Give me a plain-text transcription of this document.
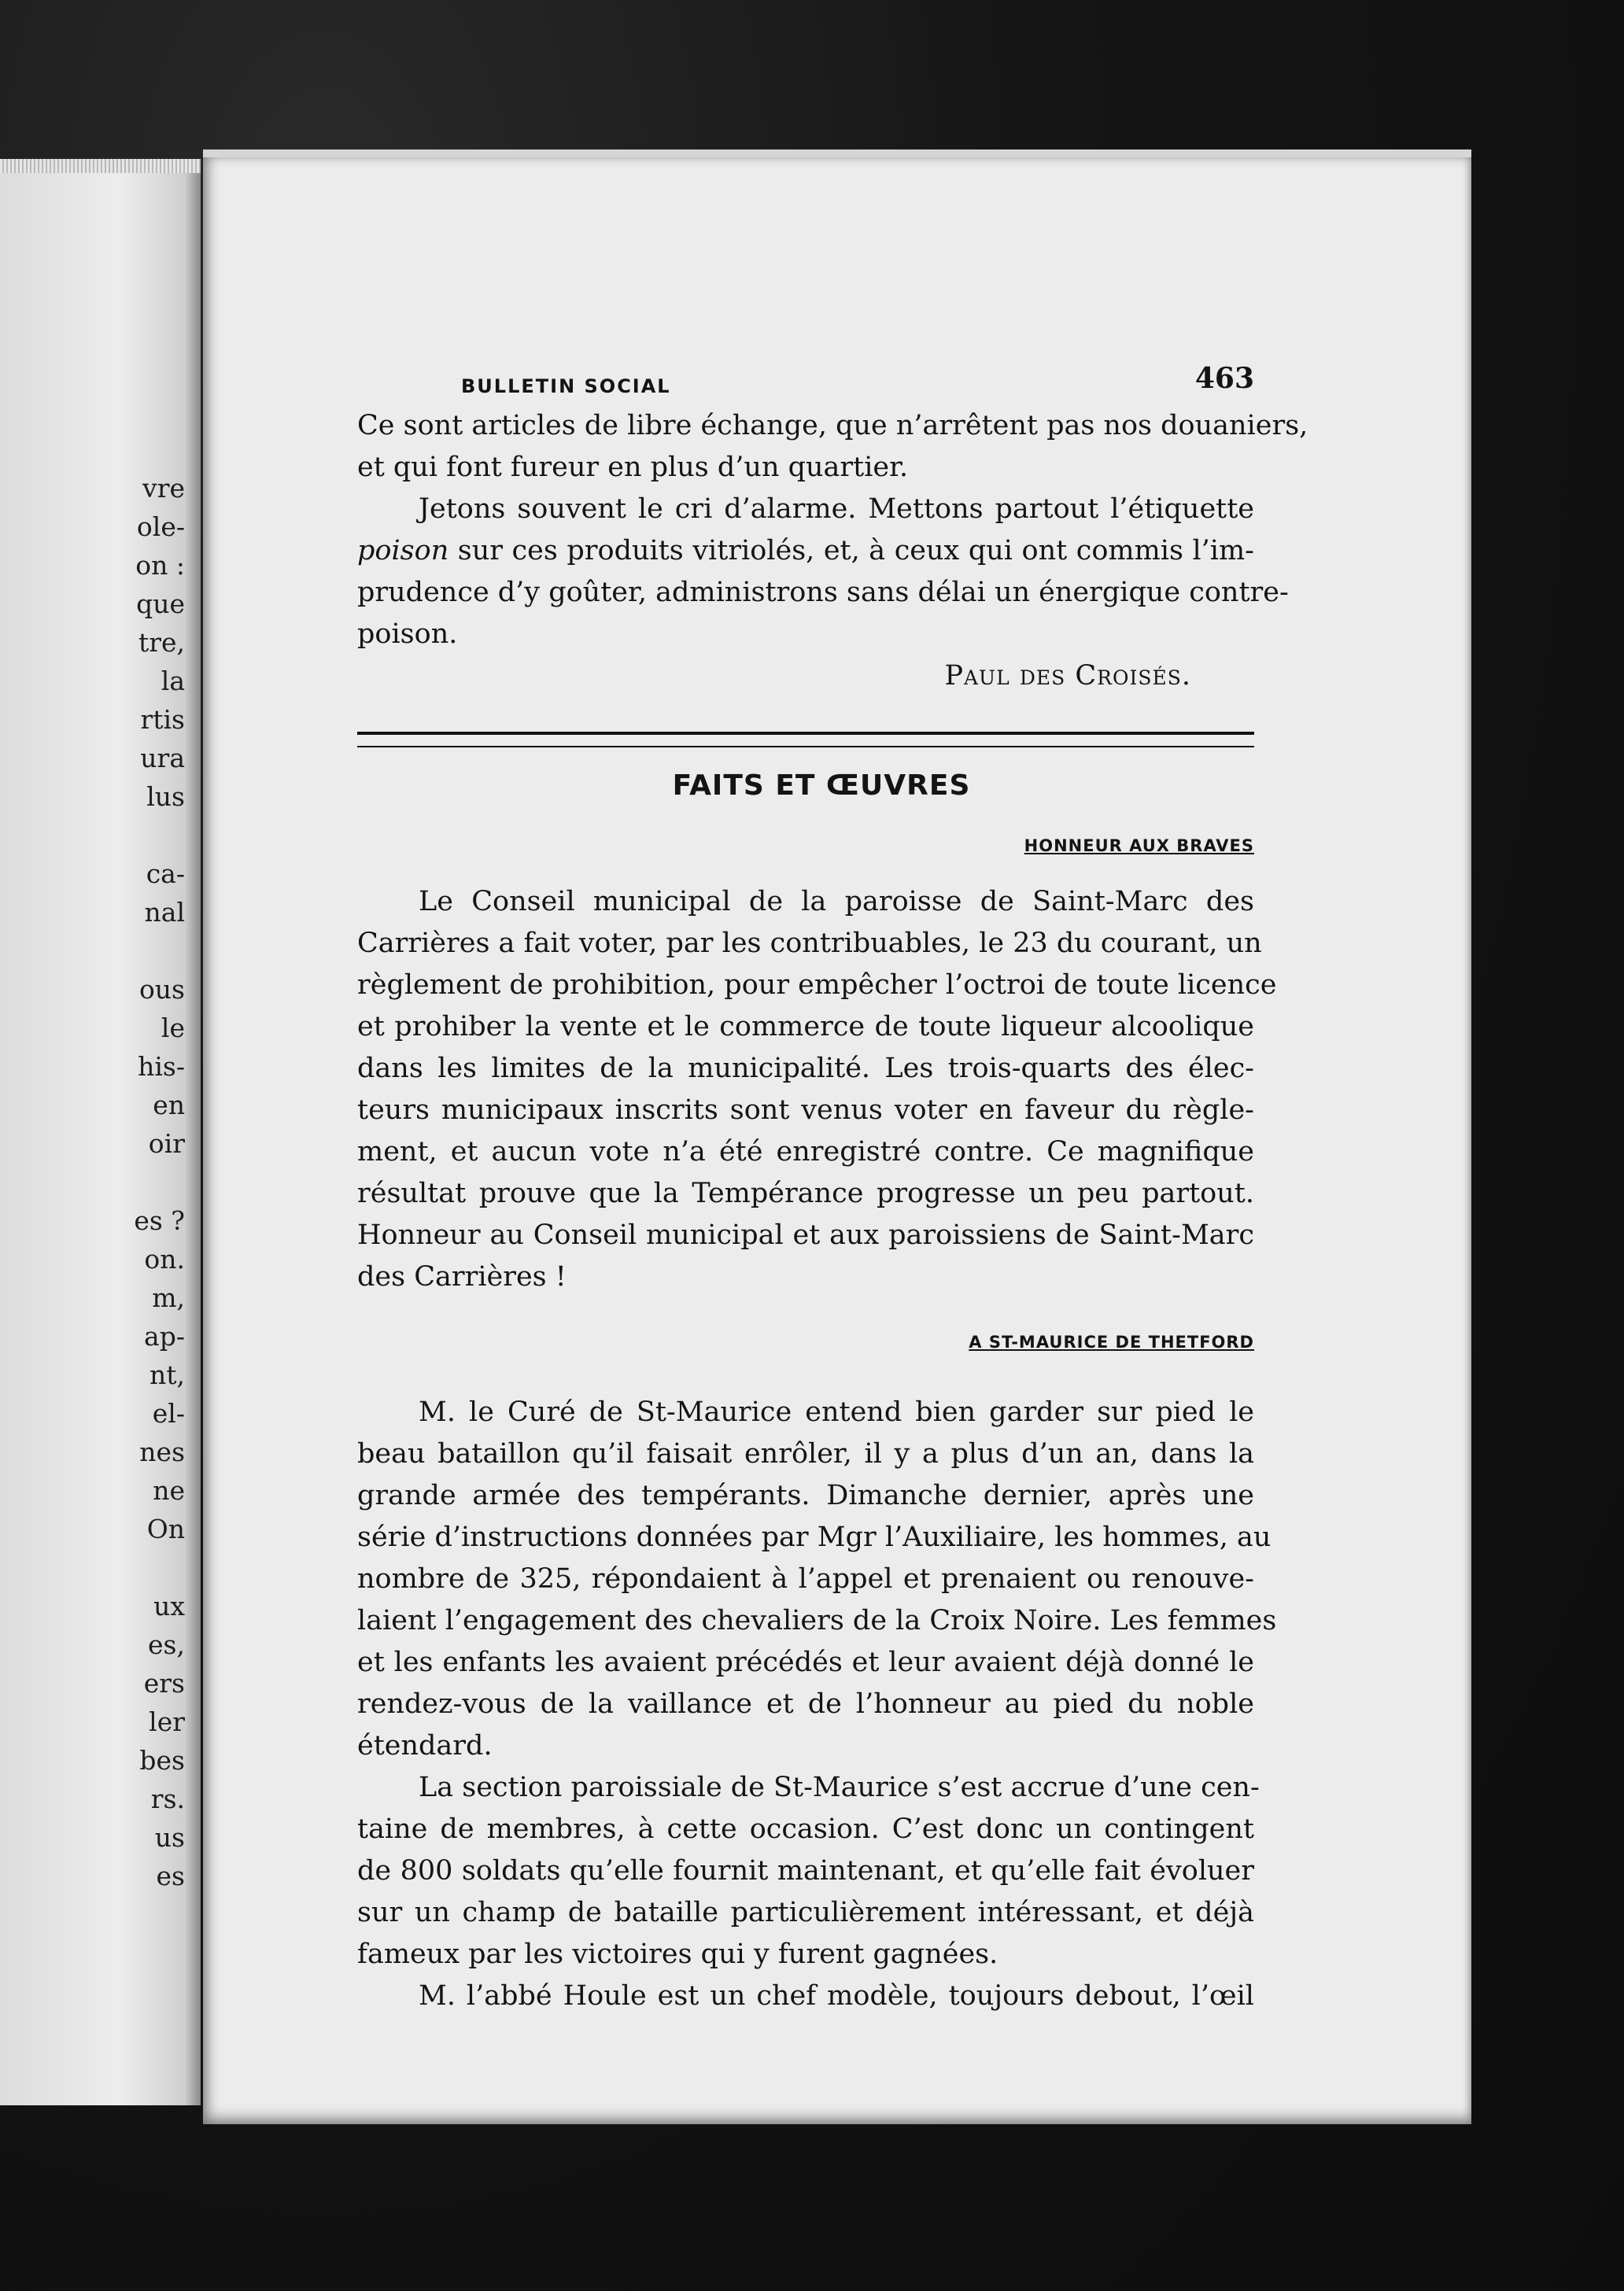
vre
ole-
on :
que
tre,
la
rtis
ura
lus
ca-
nal
ous
le
his-
en
oir
es ?
on.
m,
ap-
nt,
el-
nes
ne
On
ux
es,
ers
ler
bes
rs.
us
es
BULLETIN SOCIAL	463
Ce sont articles de libre échange, que n’arrêtent pas nos douaniers,
et qui font fureur en plus d’un quartier.
Jetons souvent le cri d’alarme. Mettons partout l’étiquette
poison sur ces produits vitriolés, et, à ceux qui ont commis l’im-
prudence d’y goûter, administrons sans délai un énergique contre-
poison.
Paul des Croisés.
FAITS ET ŒUVRES
HONNEUR AUX BRAVES
Le Conseil municipal de la paroisse de Saint-Marc des
Carrières a fait voter, par les contribuables, le 23 du courant, un
règlement de prohibition, pour empêcher l’octroi de toute licence
et prohiber la vente et le commerce de toute liqueur alcoolique
dans les limites de la municipalité. Les trois-quarts des élec-
teurs municipaux inscrits sont venus voter en faveur du règle-
ment, et aucun vote n’a été enregistré contre. Ce magnifique
résultat prouve que la Tempérance progresse un peu partout.
Honneur au Conseil municipal et aux paroissiens de Saint-Marc
des Carrières !
A ST-MAURICE DE THETFORD
M. le Curé de St-Maurice entend bien garder sur pied le
beau bataillon qu’il faisait enrôler, il y a plus d’un an, dans la
grande armée des tempérants. Dimanche dernier, après une
série d’instructions données par Mgr l’Auxiliaire, les hommes, au
nombre de 325, répondaient à l’appel et prenaient ou renouve-
laient l’engagement des chevaliers de la Croix Noire. Les femmes
et les enfants les avaient précédés et leur avaient déjà donné le
rendez-vous de la vaillance et de l’honneur au pied du noble
étendard.
La section paroissiale de St-Maurice s’est accrue d’une cen-
taine de membres, à cette occasion. C’est donc un contingent
de 800 soldats qu’elle fournit maintenant, et qu’elle fait évoluer
sur un champ de bataille particulièrement intéressant, et déjà
fameux par les victoires qui y furent gagnées.
M. l’abbé Houle est un chef modèle, toujours debout, l’œil
